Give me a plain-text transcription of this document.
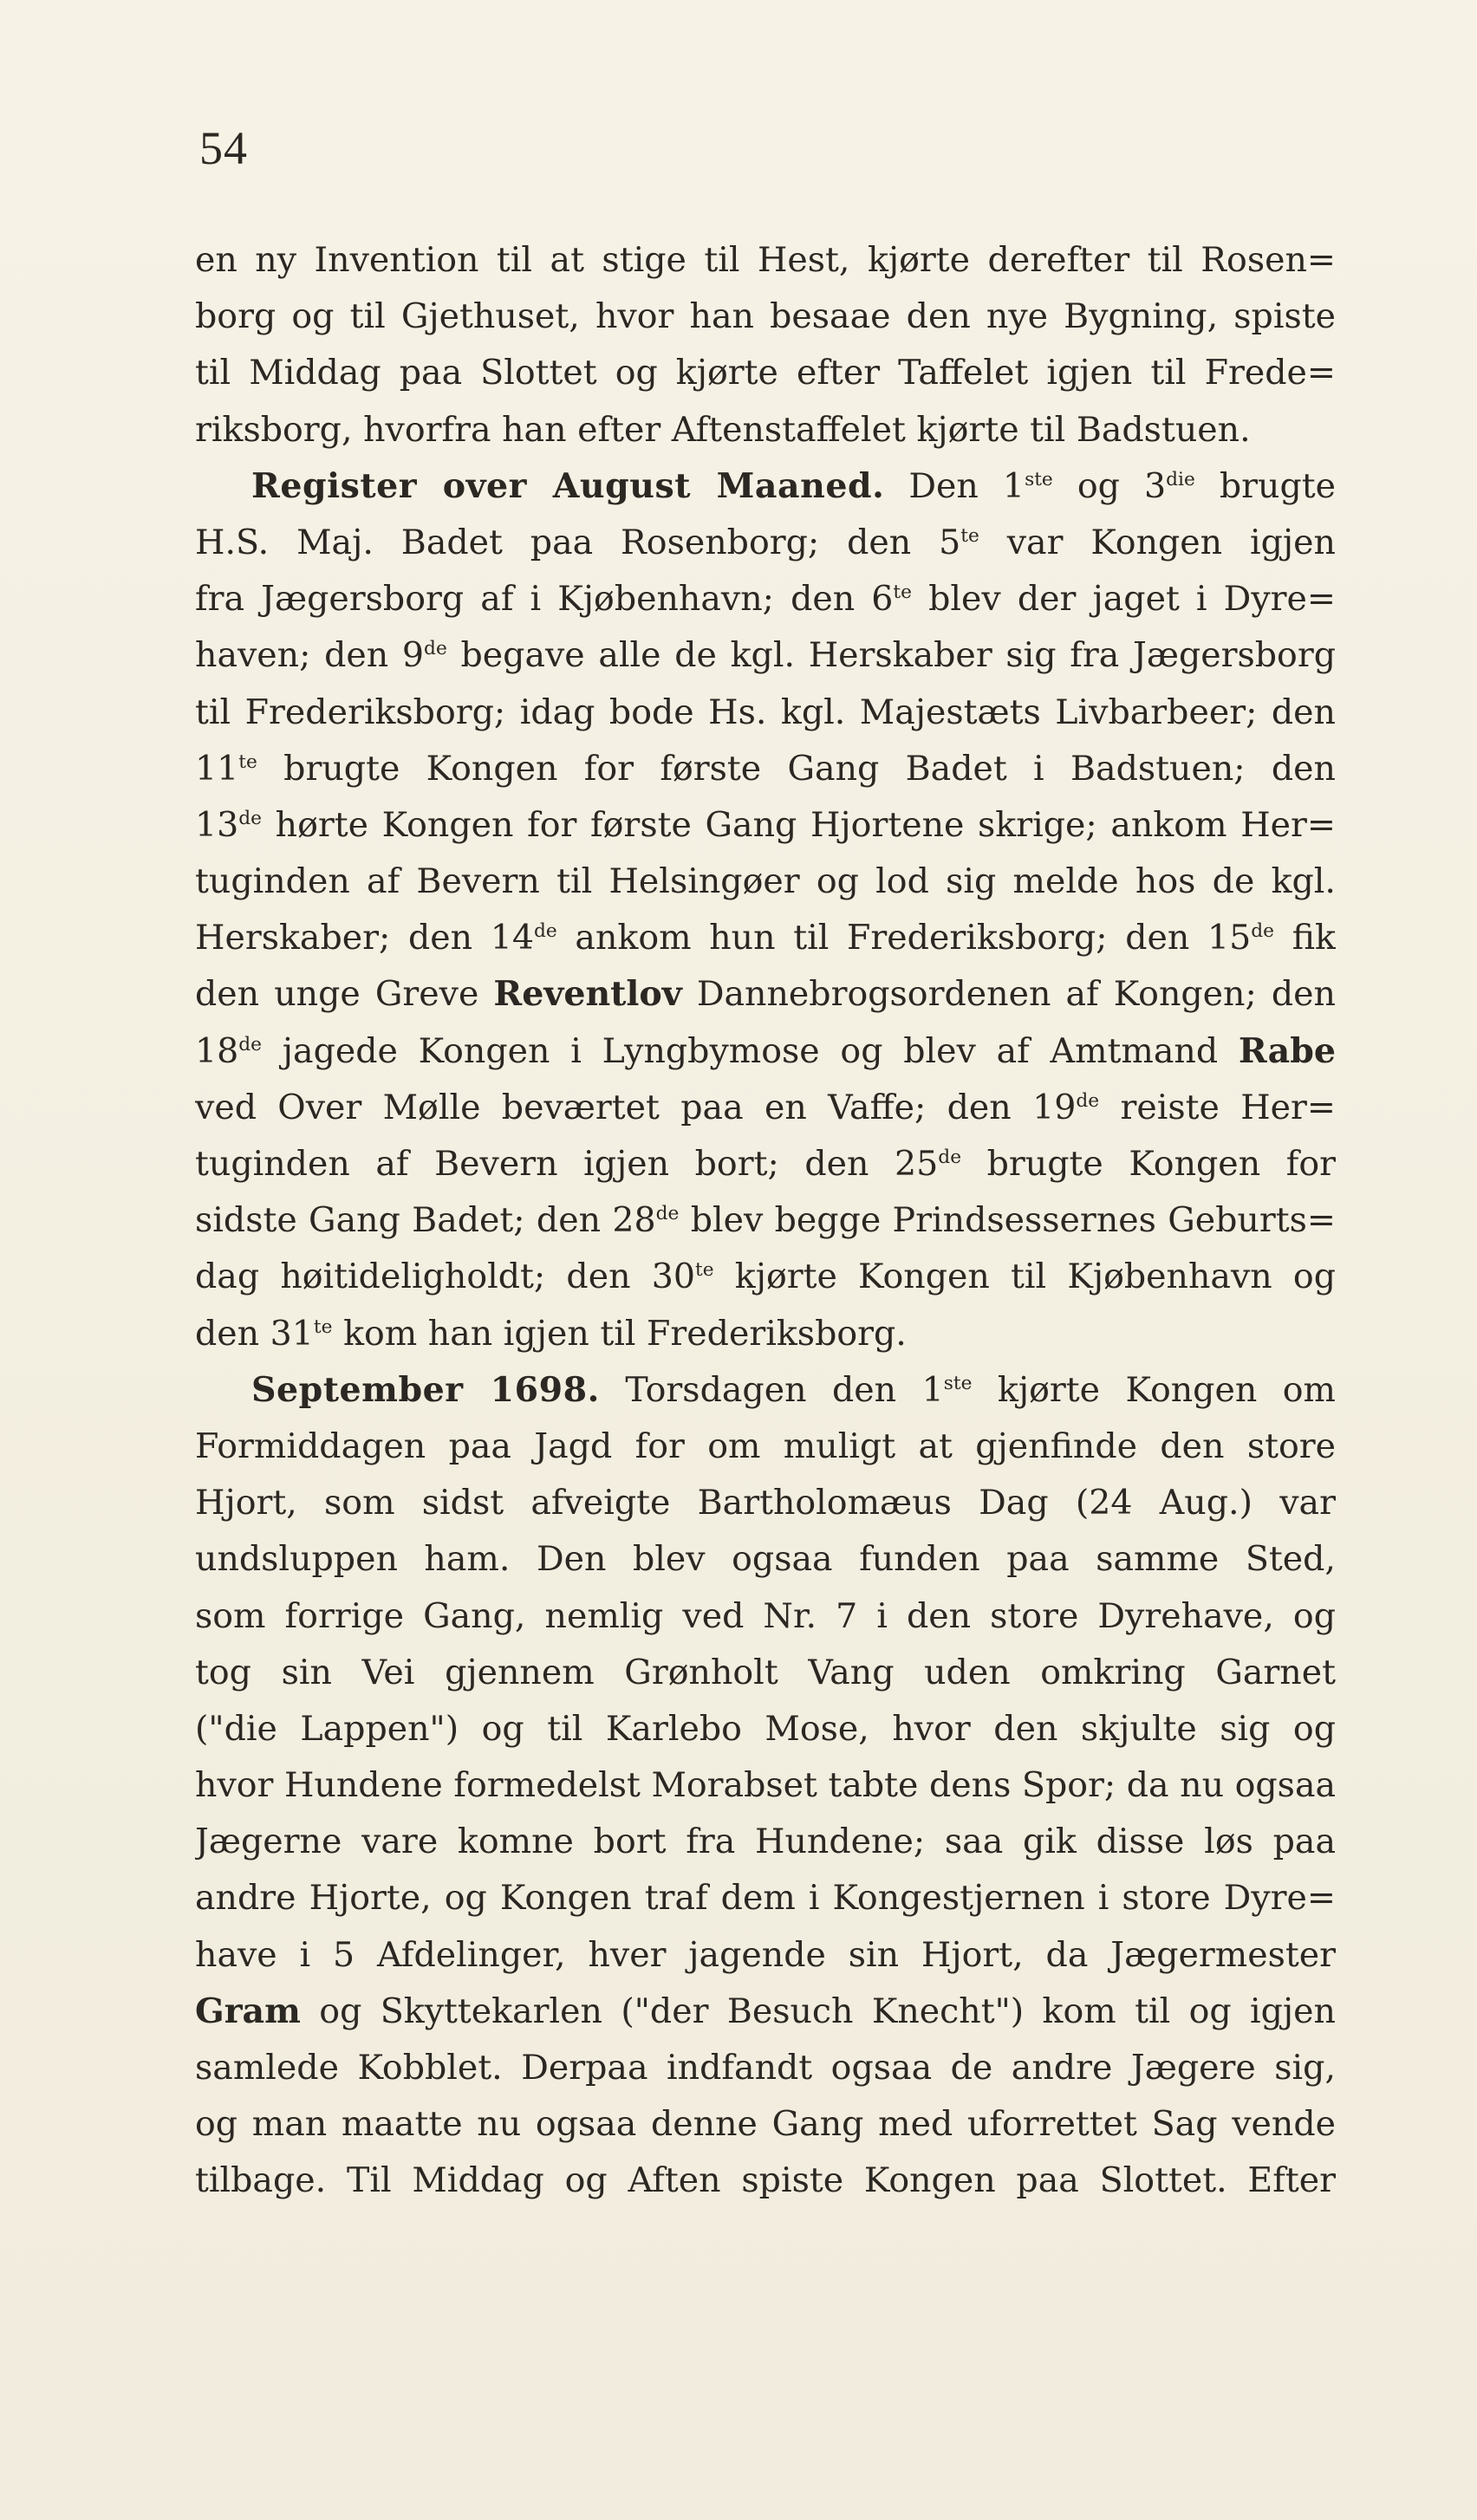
54
en ny Invention til at stige til Hest, kjørte derefter til Rosen=
borg og til Gjethuset, hvor han besaae den nye Bygning, spiste
til Middag paa Slottet og kjørte efter Taffelet igjen til Frede=
riksborg, hvorfra han efter Aftenstaffelet kjørte til Badstuen.
Register over August Maaned. Den 1ste og $3^{die}$ brugte
H.S. Maj. Badet paa Rosenborg; den $5^{te}$ var Kongen igjen
fra Jægersborg af i Kjøbenhavn; den $6^{te}$ blev der jaget i Dyre=
haven; den 9de begave alle de kgl. Herskaber sig fra Jægersborg
til Frederiksborg; idag bode Hs. kgl. Majestæts Livbarbeer; den
$11^{te}$ brugte Kongen for første Gang Badet i Badstuen; den
13de hørte Kongen for første Gang Hjortene skrige; ankom Her=
tuginden af Bevern til Helsingøer og lod sig melde hos de kgl.
Herskaber; den 14de ankom hun til Frederiksborg; den 15de fik
den unge Greve Reventlov Dannebrogsordenen af Kongen; den
18de jagede Kongen i Lyngbymose og blev af Amtmand Rabe
ved Over Mølle beværtet paa en Vaffe; den 19de reiste Her=
tuginden af Bevern igjen bort; den 25de brugte Kongen for
sidste Gang Badet; den 28de blev begge Prindsessernes Geburts=
dag høitideligholdt; den $30^{te}$ kjørte Kongen til Kjøbenhavn og
den $31^{te}$ kom han igjen til Frederiksborg.
September 1698. Torsdagen den 1ste kjørte Kongen om
Formiddagen paa Jagd for om muligt at gjenfinde den store
Hjort, som sidst afveigte Bartholomæus Dag (24 Aug.) var
undsluppen ham. Den blev ogsaa funden paa samme Sted,
som forrige Gang, nemlig ved Nr. 7 i den store Dyrehave, og
tog sin Vei gjennem Grønholt Vang uden omkring Garnet
("die Lappen") og til Karlebo Mose, hvor den skjulte sig og
hvor Hundene formedelst Morabset tabte dens Spor; da nu ogsaa
Jægerne vare komne bort fra Hundene; saa gik disse løs paa
andre Hjorte, og Kongen traf dem i Kongestjernen i store Dyre=
have i 5 Afdelinger, hver jagende sin Hjort, da Jægermester
Gram og Skyttekarlen ("der Besuch Knecht") kom til og igjen
samlede Kobblet. Derpaa indfandt ogsaa de andre Jægere sig,
og man maatte nu ogsaa denne Gang med uforrettet Sag vende
tilbage. Til Middag og Aften spiste Kongen paa Slottet. Efter
